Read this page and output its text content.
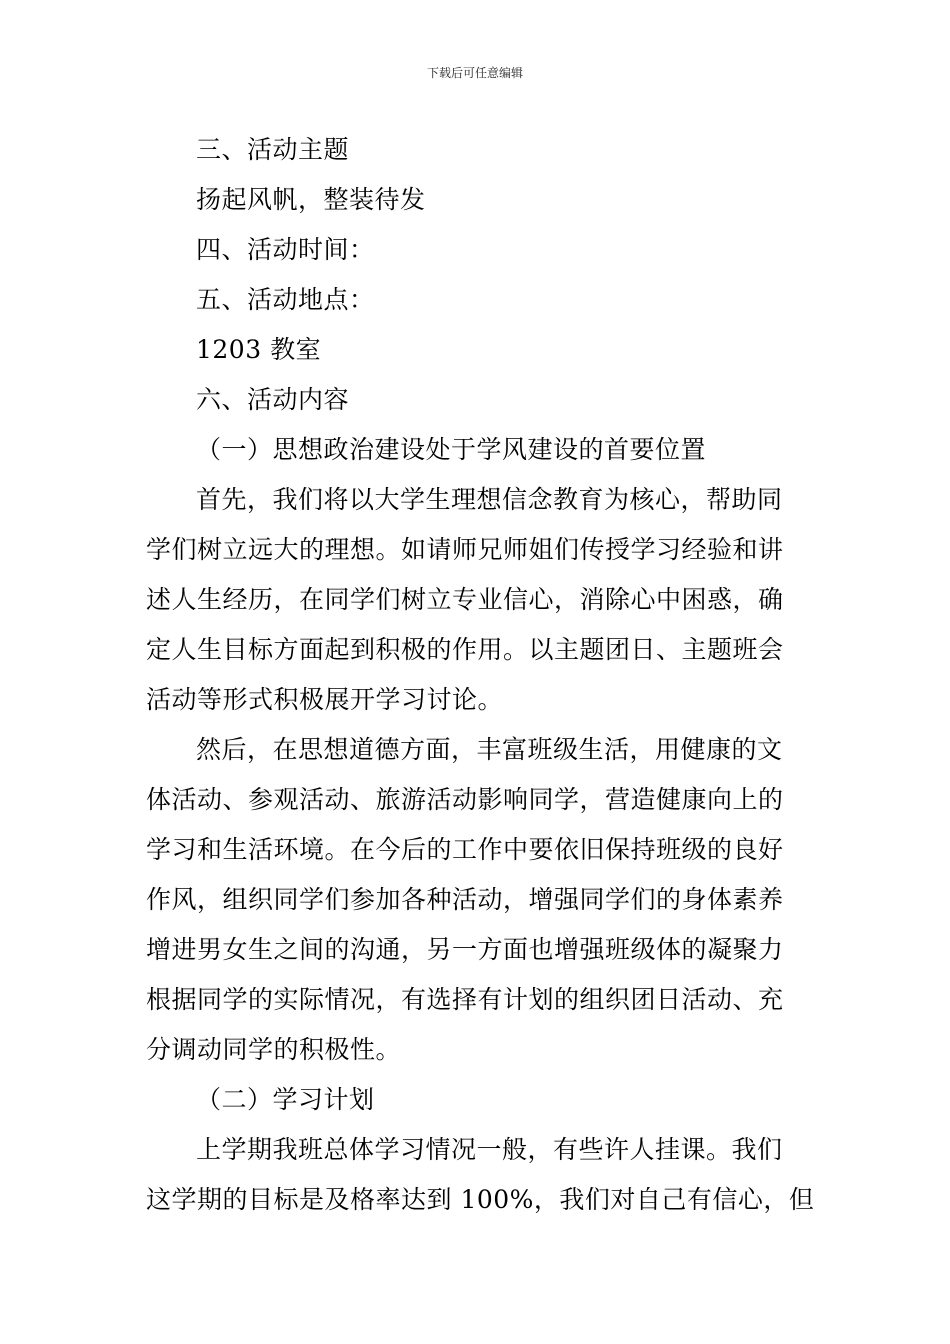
下载后可任意编辑
三、活动主题
扬起风帆，整装待发
四、活动时间：
五、活动地点：
1203 教室
六、活动内容
（一）思想政治建设处于学风建设的首要位置
首先，我们将以大学生理想信念教育为核心，帮助同
学们树立远大的理想。如请师兄师姐们传授学习经验和讲
述人生经历，在同学们树立专业信心，消除心中困惑，确
定人生目标方面起到积极的作用。以主题团日、主题班会
活动等形式积极展开学习讨论。
然后，在思想道德方面，丰富班级生活，用健康的文
体活动、参观活动、旅游活动影响同学，营造健康向上的
学习和生活环境。在今后的工作中要依旧保持班级的良好
作风，组织同学们参加各种活动，增强同学们的身体素养
增进男女生之间的沟通，另一方面也增强班级体的凝聚力
根据同学的实际情况，有选择有计划的组织团日活动、充
分调动同学的积极性。
（二）学习计划
上学期我班总体学习情况一般，有些许人挂课。我们
这学期的目标是及格率达到 100%，我们对自己有信心，但
